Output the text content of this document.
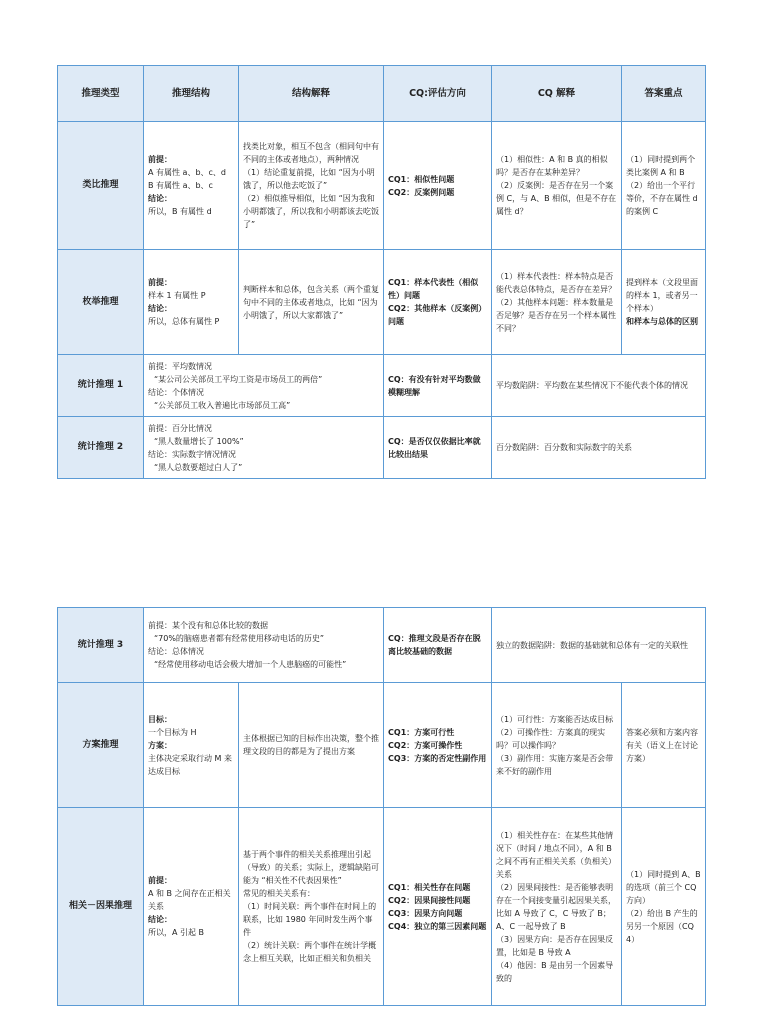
推理类型	推理结构	结构解释	CQ:评估方向	CQ 解释	答案重点
类比推理	前提：
A 有属性 a、b、c、d
B 有属性 a、b、c
结论：
所以，B 有属性 d	找类比对象，相互不包含（相同句中有不同的主体或者地点），两种情况
（1）结论重复前提，比如 “因为小明饿了，所以他去吃饭了”
（2）相似推导相似，比如 “因为我和小明都饿了，所以我和小明都该去吃饭了”	CQ1：相似性问题
CQ2：反案例问题	（1）相似性：A 和 B 真的相似吗？是否存在某种差异？
（2）反案例：是否存在另一个案例 C，与 A、B 相似，但是不存在属性 d？	（1）同时提到两个类比案例 A 和 B
（2）给出一个平行等价，不存在属性 d 的案例 C

枚举推理	前提：
样本 1 有属性 P
结论：
所以，总体有属性 P	判断样本和总体，包含关系（两个重复句中不同的主体或者地点，比如 “因为小明饿了，所以大家都饿了”	CQ1：样本代表性（相似性）问题
CQ2：其他样本（反案例）问题	（1）样本代表性：样本特点是否能代表总体特点，是否存在差异？
（2）其他样本问题：样本数量是否足够？是否存在另一个样本属性不同？	提到样本（文段里面的样本 1，或者另一个样本）
和样本与总体的区别

统计推理 1	前提：平均数情况
“某公司公关部员工平均工资是市场员工的两倍”
结论：个体情况
“公关部员工收入普遍比市场部员工高”		CQ：有没有针对平均数做模糊理解	平均数陷阱：平均数在某些情况下不能代表个体的情况	
统计推理 2	前提：百分比情况
“黑人数量增长了 100%”
结论：实际数字情况情况
“黑人总数要超过白人了”		CQ：是否仅仅依据比率就比较出结果	百分数陷阱：百分数和实际数字的关系	
统计推理 3	前提：某个没有和总体比较的数据
“70%的脑癌患者都有经常使用移动电话的历史”
结论：总体情况
“经常使用移动电话会极大增加一个人患脑癌的可能性”		CQ：推理文段是否存在脱离比较基础的数据	独立的数据陷阱：数据的基础就和总体有一定的关联性	
方案推理	目标：
一个目标为 H
方案：
主体决定采取行动 M 来达成目标	主体根据已知的目标作出决策，整个推理文段的目的都是为了提出方案	CQ1：方案可行性
CQ2：方案可操作性
CQ3：方案的否定性副作用	（1）可行性：方案能否达成目标
（2）可操作性：方案真的现实吗？可以操作吗？
（3）副作用：实施方案是否会带来不好的副作用	答案必须和方案内容有关（语义上在讨论方案）

相关－因果推理	前提：
A 和 B 之间存在正相关关系
结论：
所以，A 引起 B	基于两个事件的相关关系推理出引起（导致）的关系；实际上，逻辑缺陷可能为 “相关性不代表因果性”
常见的相关关系有：
（1）时间关联：两个事件在时间上的联系，比如 1980 年同时发生两个事件
（2）统计关联：两个事件在统计学概念上相互关联，比如正相关和负相关	CQ1：相关性存在问题
CQ2：因果间接性问题
CQ3：因果方向问题
CQ4：独立的第三因素问题	（1）相关性存在：在某些其他情况下（时间 / 地点不同），A 和 B 之间不再有正相关关系（负相关）关系
（2）因果间接性：是否能够表明存在一个间接变量引起因果关系，比如 A 导致了 C，C 导致了 B；A、C 一起导致了 B
（3）因果方向：是否存在因果反置，比如是 B 导致 A
（4）他因：B 是由另一个因素导致的	（1）同时提到 A、B 的选项（前三个 CQ 方向）
（2）给出 B 产生的另另一个原因（CQ4）
